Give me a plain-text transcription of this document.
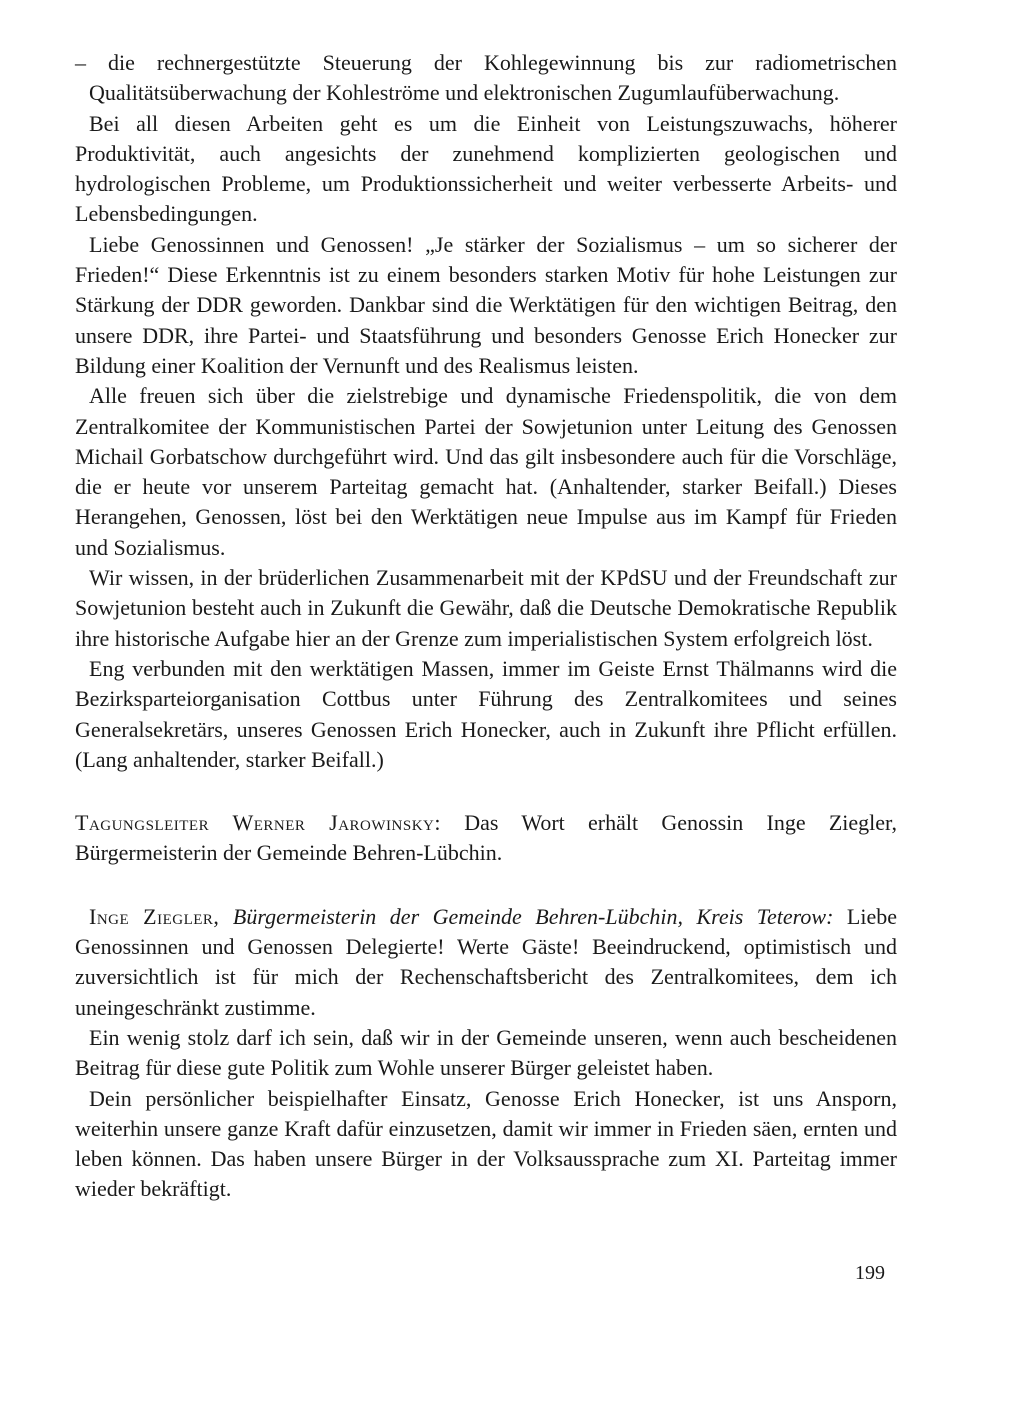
– die rechnergestützte Steuerung der Kohlegewinnung bis zur radiometrischen Qualitätsüberwachung der Kohleströme und elektronischen Zugumlaufüberwachung.

Bei all diesen Arbeiten geht es um die Einheit von Leistungszuwachs, höherer Produktivität, auch angesichts der zunehmend komplizierten geologischen und hydrologischen Probleme, um Produktionssicherheit und weiter verbesserte Arbeits- und Lebensbedingungen.

Liebe Genossinnen und Genossen! „Je stärker der Sozialismus – um so sicherer der Frieden!“ Diese Erkenntnis ist zu einem besonders starken Motiv für hohe Leistungen zur Stärkung der DDR geworden. Dankbar sind die Werktätigen für den wichtigen Beitrag, den unsere DDR, ihre Partei- und Staatsführung und besonders Genosse Erich Honecker zur Bildung einer Koalition der Vernunft und des Realismus leisten.

Alle freuen sich über die zielstrebige und dynamische Friedenspolitik, die von dem Zentralkomitee der Kommunistischen Partei der Sowjetunion unter Leitung des Genossen Michail Gorbatschow durchgeführt wird. Und das gilt insbesondere auch für die Vorschläge, die er heute vor unserem Parteitag gemacht hat. (Anhaltender, starker Beifall.) Dieses Herangehen, Genossen, löst bei den Werktätigen neue Impulse aus im Kampf für Frieden und Sozialismus.

Wir wissen, in der brüderlichen Zusammenarbeit mit der KPdSU und der Freundschaft zur Sowjetunion besteht auch in Zukunft die Gewähr, daß die Deutsche Demokratische Republik ihre historische Aufgabe hier an der Grenze zum imperialistischen System erfolgreich löst.

Eng verbunden mit den werktätigen Massen, immer im Geiste Ernst Thälmanns wird die Bezirksparteiorganisation Cottbus unter Führung des Zentralkomitees und seines Generalsekretärs, unseres Genossen Erich Honecker, auch in Zukunft ihre Pflicht erfüllen. (Lang anhaltender, starker Beifall.)

Tagungsleiter Werner Jarowinsky: Das Wort erhält Genossin Inge Ziegler, Bürgermeisterin der Gemeinde Behren-Lübchin.

Inge Ziegler, Bürgermeisterin der Gemeinde Behren-Lübchin, Kreis Teterow: Liebe Genossinnen und Genossen Delegierte! Werte Gäste! Beeindruckend, optimistisch und zuversichtlich ist für mich der Rechenschaftsbericht des Zentralkomitees, dem ich uneingeschränkt zustimme.

Ein wenig stolz darf ich sein, daß wir in der Gemeinde unseren, wenn auch bescheidenen Beitrag für diese gute Politik zum Wohle unserer Bürger geleistet haben.

Dein persönlicher beispielhafter Einsatz, Genosse Erich Honecker, ist uns Ansporn, weiterhin unsere ganze Kraft dafür einzusetzen, damit wir immer in Frieden säen, ernten und leben können. Das haben unsere Bürger in der Volksaussprache zum XI. Parteitag immer wieder bekräftigt.

199
